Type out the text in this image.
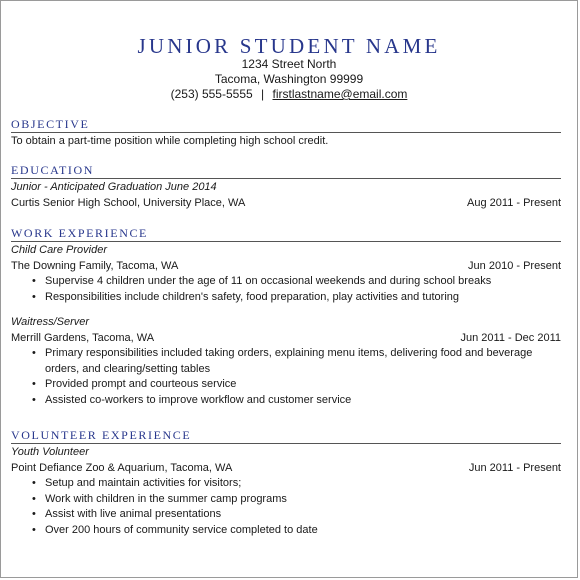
JUNIOR STUDENT NAME
1234 Street North
Tacoma, Washington 99999
(253) 555-5555 | firstlastname@email.com
OBJECTIVE
To obtain a part-time position while completing high school credit.
EDUCATION
Junior - Anticipated Graduation June 2014
Curtis Senior High School, University Place, WA	Aug 2011 - Present
WORK EXPERIENCE
Child Care Provider
The Downing Family, Tacoma, WA	Jun 2010 - Present
• Supervise 4 children under the age of 11 on occasional weekends and during school breaks
• Responsibilities include children's safety, food preparation, play activities and tutoring
Waitress/Server
Merrill Gardens, Tacoma, WA	Jun 2011 - Dec 2011
• Primary responsibilities included taking orders, explaining menu items, delivering food and beverage orders, and clearing/setting tables
• Provided prompt and courteous service
• Assisted co-workers to improve workflow and customer service
VOLUNTEER EXPERIENCE
Youth Volunteer
Point Defiance Zoo & Aquarium, Tacoma, WA	Jun 2011 - Present
• Setup and maintain activities for visitors;
• Work with children in the summer camp programs
• Assist with live animal presentations
• Over 200 hours of community service completed to date
